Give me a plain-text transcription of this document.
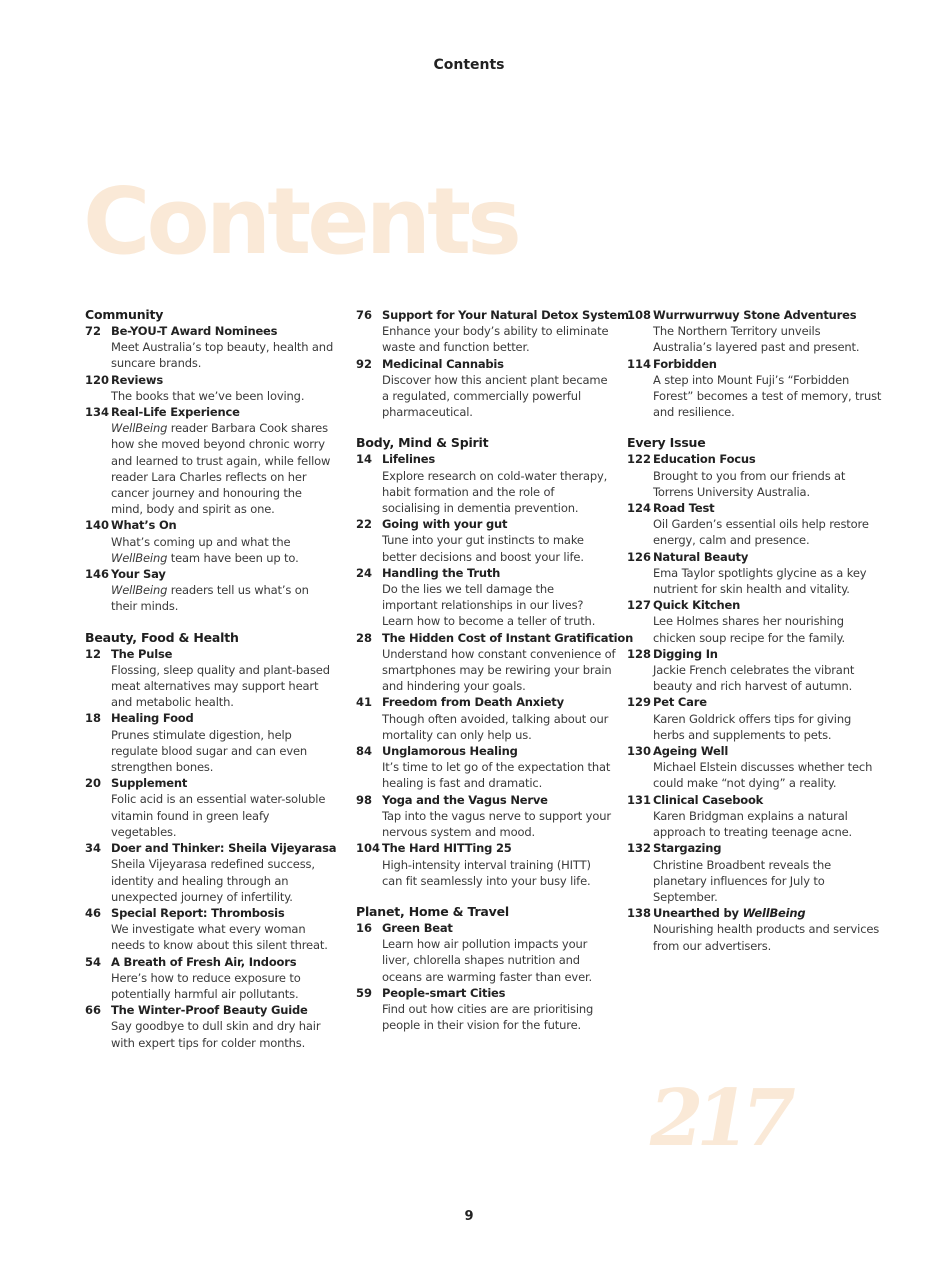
Contents
Contents
Community
72 Be-YOU-T Award Nominees
Meet Australia’s top beauty, health and suncare brands.
120 Reviews
The books that we’ve been loving.
134 Real-Life Experience
WellBeing reader Barbara Cook shares how she moved beyond chronic worry and learned to trust again, while fellow reader Lara Charles reflects on her cancer journey and honouring the mind, body and spirit as one.
140 What’s On
What’s coming up and what the WellBeing team have been up to.
146 Your Say
WellBeing readers tell us what’s on their minds.
Beauty, Food & Health
12 The Pulse
Flossing, sleep quality and plant-based meat alternatives may support heart and metabolic health.
18 Healing Food
Prunes stimulate digestion, help regulate blood sugar and can even strengthen bones.
20 Supplement
Folic acid is an essential water-soluble vitamin found in green leafy vegetables.
34 Doer and Thinker: Sheila Vijeyarasa
Sheila Vijeyarasa redefined success, identity and healing through an unexpected journey of infertility.
46 Special Report: Thrombosis
We investigate what every woman needs to know about this silent threat.
54 A Breath of Fresh Air, Indoors
Here’s how to reduce exposure to potentially harmful air pollutants.
66 The Winter-Proof Beauty Guide
Say goodbye to dull skin and dry hair with expert tips for colder months.
76 Support for Your Natural Detox System
Enhance your body’s ability to eliminate waste and function better.
92 Medicinal Cannabis
Discover how this ancient plant became a regulated, commercially powerful pharmaceutical.
Body, Mind & Spirit
14 Lifelines
Explore research on cold-water therapy, habit formation and the role of socialising in dementia prevention.
22 Going with your gut
Tune into your gut instincts to make better decisions and boost your life.
24 Handling the Truth
Do the lies we tell damage the important relationships in our lives? Learn how to become a teller of truth.
28 The Hidden Cost of Instant Gratification
Understand how constant convenience of smartphones may be rewiring your brain and hindering your goals.
41 Freedom from Death Anxiety
Though often avoided, talking about our mortality can only help us.
84 Unglamorous Healing
It’s time to let go of the expectation that healing is fast and dramatic.
98 Yoga and the Vagus Nerve
Tap into the vagus nerve to support your nervous system and mood.
104 The Hard HITTing 25
High-intensity interval training (HITT) can fit seamlessly into your busy life.
Planet, Home & Travel
16 Green Beat
Learn how air pollution impacts your liver, chlorella shapes nutrition and oceans are warming faster than ever.
59 People-smart Cities
Find out how cities are are prioritising people in their vision for the future.
108 Wurrwurrwuy Stone Adventures
The Northern Territory unveils Australia’s layered past and present.
114 Forbidden
A step into Mount Fuji’s “Forbidden Forest” becomes a test of memory, trust and resilience.
Every Issue
122 Education Focus
Brought to you from our friends at Torrens University Australia.
124 Road Test
Oil Garden’s essential oils help restore energy, calm and presence.
126 Natural Beauty
Ema Taylor spotlights glycine as a key nutrient for skin health and vitality.
127 Quick Kitchen
Lee Holmes shares her nourishing chicken soup recipe for the family.
128 Digging In
Jackie French celebrates the vibrant beauty and rich harvest of autumn.
129 Pet Care
Karen Goldrick offers tips for giving herbs and supplements to pets.
130 Ageing Well
Michael Elstein discusses whether tech could make “not dying” a reality.
131 Clinical Casebook
Karen Bridgman explains a natural approach to treating teenage acne.
132 Stargazing
Christine Broadbent reveals the planetary influences for July to September.
138 Unearthed by WellBeing
Nourishing health products and services from our advertisers.
217
9
